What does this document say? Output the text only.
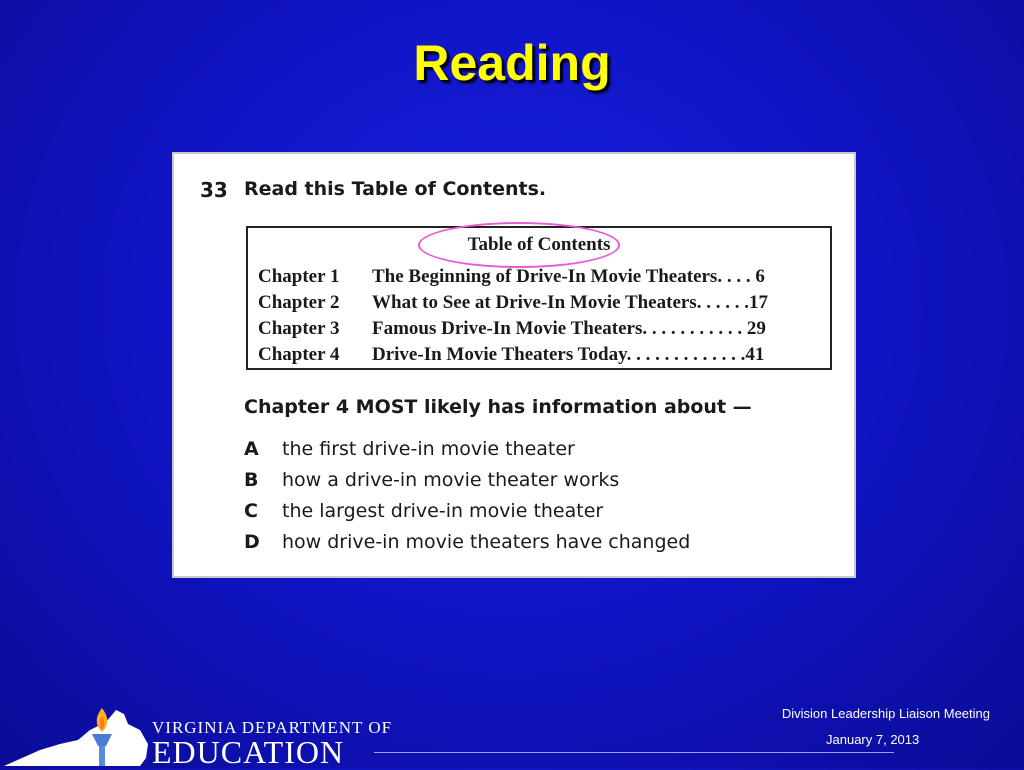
Reading
33 Read this Table of Contents.
Table of Contents
Chapter 1 The Beginning of Drive-In Movie Theaters. . . . 6
Chapter 2 What to See at Drive-In Movie Theaters. . . . . .17
Chapter 3 Famous Drive-In Movie Theaters. . . . . . . . . . . 29
Chapter 4 Drive-In Movie Theaters Today. . . . . . . . . . . . .41
Chapter 4 MOST likely has information about —
A the first drive-in movie theater
B how a drive-in movie theater works
C the largest drive-in movie theater
D how drive-in movie theaters have changed
VIRGINIA DEPARTMENT OF
EDUCATION
Division Leadership Liaison Meeting
January 7, 2013
